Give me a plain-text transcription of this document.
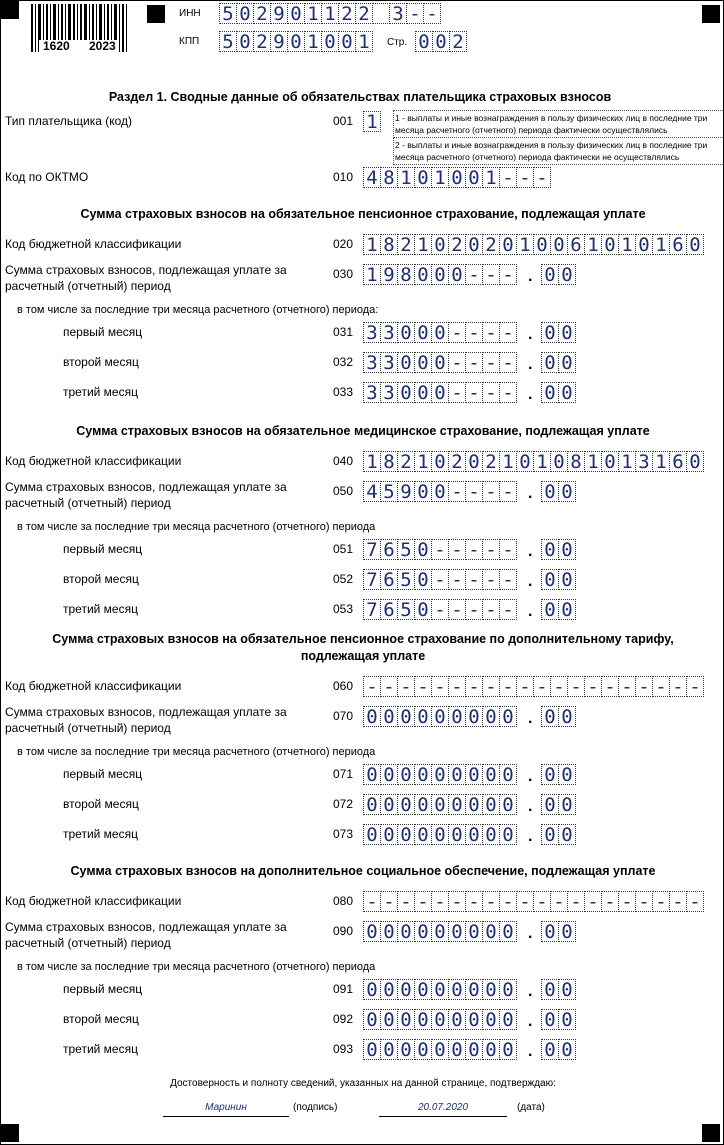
1620 2023
ИНН 5 0 2 9 0 1 1 2 2 3 - -
КПП 5 0 2 9 0 1 0 0 1	Стр. 0 0 2
Раздел 1. Сводные данные об обязательствах плательщика страховых взносов
Тип плательщика (код)	001 1	1 - выплаты и иные вознаграждения в пользу физических лиц в последние три месяца расчетного (отчетного) периода фактически осуществлялись
2 - выплаты и иные вознаграждения в пользу физических лиц в последние три месяца расчетного (отчетного) периода фактически не осуществлялись
Код по ОКТМО	010 4 8 1 0 1 0 0 1 - - -
Сумма страховых взносов на обязательное пенсионное страхование, подлежащая уплате
Код бюджетной классификации	020 1 8 2 1 0 2 0 2 0 1 0 0 6 1 0 1 0 1 6 0
Сумма страховых взносов, подлежащая уплате за
расчетный (отчетный) период
030 1 9 8 0 0 0 - - - . 0 0
в том числе за последние три месяца расчетного (отчетного) периода:
первый месяц	031 3 3 0 0 0 - - - - . 0 0
второй месяц	032 3 3 0 0 0 - - - - . 0 0
третий месяц	033 3 3 0 0 0 - - - - . 0 0
Сумма страховых взносов на обязательное медицинское страхование, подлежащая уплате
Код бюджетной классификации	040 1 8 2 1 0 2 0 2 1 0 1 0 8 1 0 1 3 1 6 0
Сумма страховых взносов, подлежащая уплате за
расчетный (отчетный) период
050 4 5 9 0 0 - - - - . 0 0
в том числе за последние три месяца расчетного (отчетного) периода
первый месяц	051 7 6 5 0 - - - - - . 0 0
второй месяц	052 7 6 5 0 - - - - - . 0 0
третий месяц	053 7 6 5 0 - - - - - . 0 0
Сумма страховых взносов на обязательное пенсионное страхование по дополнительному тарифу,
подлежащая уплате
Код бюджетной классификации	060 - - - - - - - - - - - - - - - - - - - -
Сумма страховых взносов, подлежащая уплате за
расчетный (отчетный) период
070 0 0 0 0 0 0 0 0 0 . 0 0
в том числе за последние три месяца расчетного (отчетного) периода
первый месяц	071 0 0 0 0 0 0 0 0 0 . 0 0
второй месяц	072 0 0 0 0 0 0 0 0 0 . 0 0
третий месяц	073 0 0 0 0 0 0 0 0 0 . 0 0
Сумма страховых взносов на дополнительное социальное обеспечение, подлежащая уплате
Код бюджетной классификации	080 - - - - - - - - - - - - - - - - - - - -
Сумма страховых взносов, подлежащая уплате за
расчетный (отчетный) период
090 0 0 0 0 0 0 0 0 0 . 0 0
в том числе за последние три месяца расчетного (отчетного) периода
первый месяц	091 0 0 0 0 0 0 0 0 0 . 0 0
второй месяц	092 0 0 0 0 0 0 0 0 0 . 0 0
третий месяц	093 0 0 0 0 0 0 0 0 0 . 0 0
Достоверность и полноту сведений, указанных на данной странице, подтверждаю:
Маринин	(подпись)	20.07.2020	(дата)
